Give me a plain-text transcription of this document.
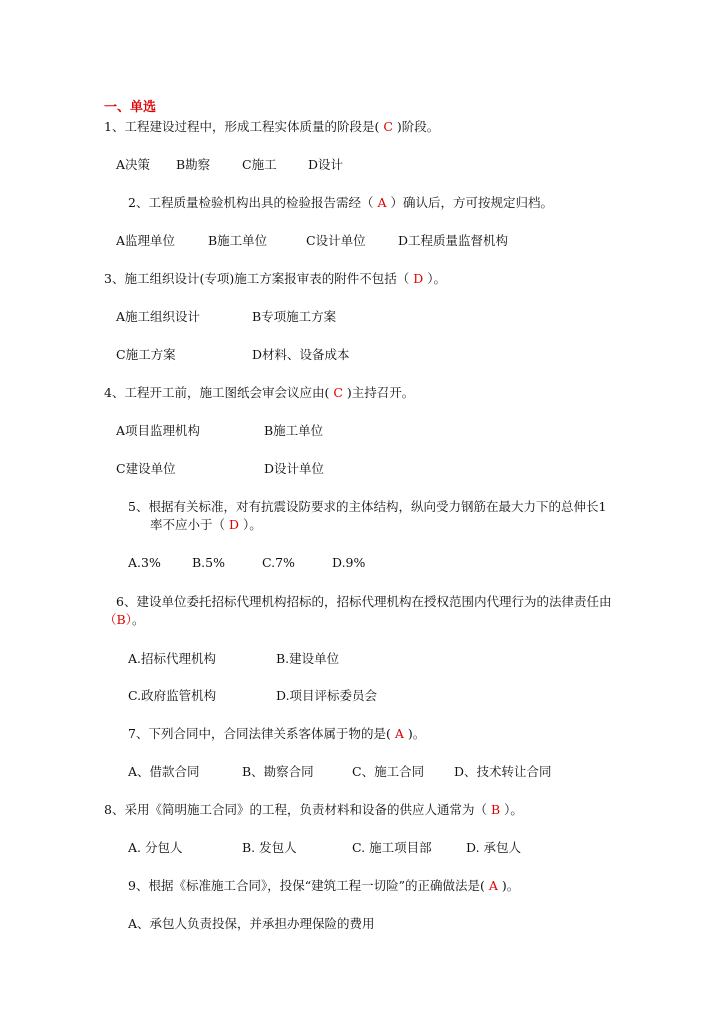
一、单选
1、工程建设过程中，形成工程实体质量的阶段是( C )阶段。
A决策 B勘察	C施工	D设计
2、工程质量检验机构出具的检验报告需经（ A ）确认后，方可按规定归档。
A监理单位	B施工单位	C设计单位	D工程质量监督机构
3、施工组织设计(专项)施工方案报审表的附件不包括（ D ）。
A施工组织设计	B专项施工方案
C施工方案	D材料、设备成本
4、工程开工前，施工图纸会审会议应由( C )主持召开。
A项目监理机构	B施工单位
C建设单位	D设计单位
5、根据有关标准，对有抗震设防要求的主体结构，纵向受力钢筋在最大力下的总伸长1
率不应小于（ D ）。
A.3% B.5%	C.7%	D.9%
6、建设单位委托招标代理机构招标的，招标代理机构在授权范围内代理行为的法律责任由
（B）。
A.招标代理机构	B.建设单位
C.政府监管机构	D.项目评标委员会
7、下列合同中，合同法律关系客体属于物的是( A )。
A、借款合同	B、勘察合同	C、施工合同 D、技术转让合同
8、采用《简明施工合同》的工程，负责材料和设备的供应人通常为（ B ）。
A. 分包人	B. 发包人	C. 施工项目部	D. 承包人
9、根据《标准施工合同》，投保“建筑工程一切险”的正确做法是( A )。
A、承包人负责投保，并承担办理保险的费用
